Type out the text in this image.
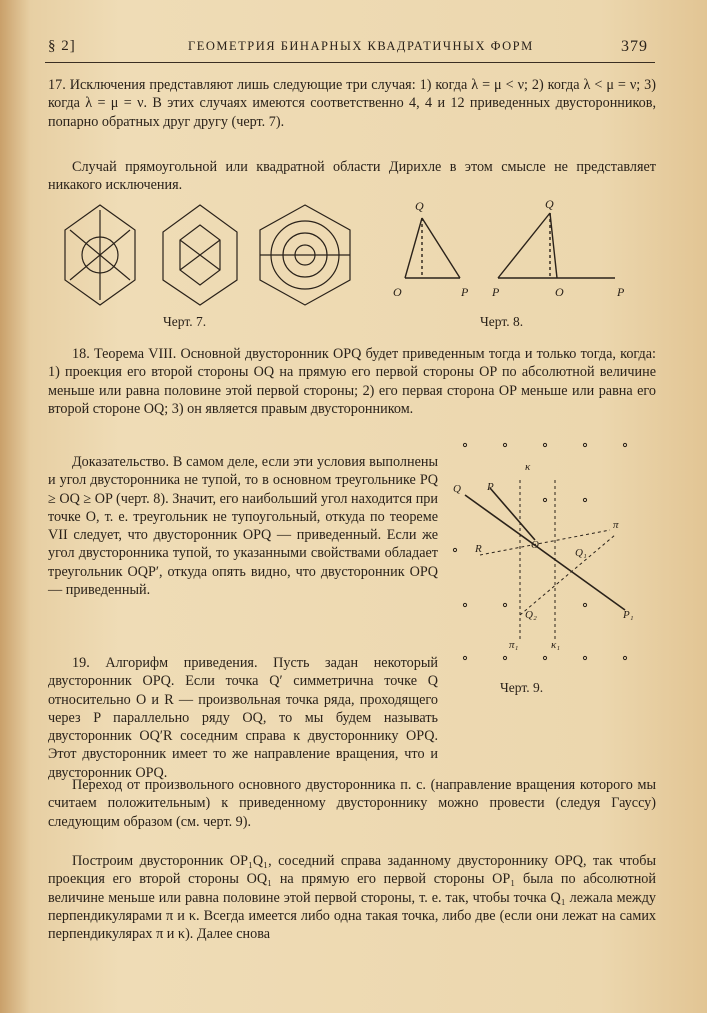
§ 2]	ГЕОМЕТРИЯ БИНАРНЫХ КВАДРАТИЧНЫХ ФОРМ	379

17. Исключения представляют лишь следующие три случая: 1) когда λ = μ < ν; 2) когда λ < μ = ν; 3) когда λ = μ = ν. В этих случаях имеются соответственно 4, 4 и 12 приведенных двусторонников, попарно обратных друг другу (черт. 7).

Случай прямоугольной или квадратной области Дирихле в этом смысле не представляет никакого исключения.

Черт. 7.
Q
O	P
Q
P	O	P
Черт. 8.

18. Теорема VIII. Основной двусторонник OPQ будет приведенным тогда и только тогда, когда: 1) проекция его второй стороны OQ на прямую его первой стороны OP по абсолютной величине меньше или равна половине этой первой стороны; 2) его первая сторона OP меньше или равна его второй стороне OQ; 3) он является правым двусторонником.

Доказательство. В самом деле, если эти условия выполнены и угол двусторонника не тупой, то в основном треугольнике PQ ≥ OQ ≥ OP (черт. 8). Значит, его наибольший угол находится при точке O, т. е. треугольник не тупоугольный, откуда по теореме VII следует, что двусторонник OPQ — приведенный. Если же угол двусторонника тупой, то указанными свойствами обладает треугольник OQP′, откуда опять видно, что двусторонник OPQ — приведенный.

19. Алгорифм приведения. Пусть задан некоторый двусторонник OPQ. Если точка Q′ симметрична точке Q относительно O и R — произвольная точка ряда, проходящего через P параллельно ряду OQ, то мы будем называть двусторонник OQ′R соседним справа к двустороннику OPQ. Этот двусторонник имеет то же направление вращения, что и двусторонник OPQ.

κ
Q P
π
O
R	Q₁
Q₂	P₁
π₁	κ₁
Черт. 9.

Переход от произвольного основного двусторонника п. с. (направление вращения которого мы считаем положительным) к приведенному двустороннику можно провести (следуя Гауссу) следующим образом (см. черт. 9).

Построим двусторонник OP₁Q₁, соседний справа заданному двустороннику OPQ, так чтобы проекция его второй стороны OQ₁ на прямую его первой стороны OP₁ была по абсолютной величине меньше или равна половине этой первой стороны, т. е. так, чтобы точка Q₁ лежала между перпендикулярами π и κ. Всегда имеется либо одна такая точка, либо две (если они лежат на самих перпендикулярах π и κ). Далее снова
